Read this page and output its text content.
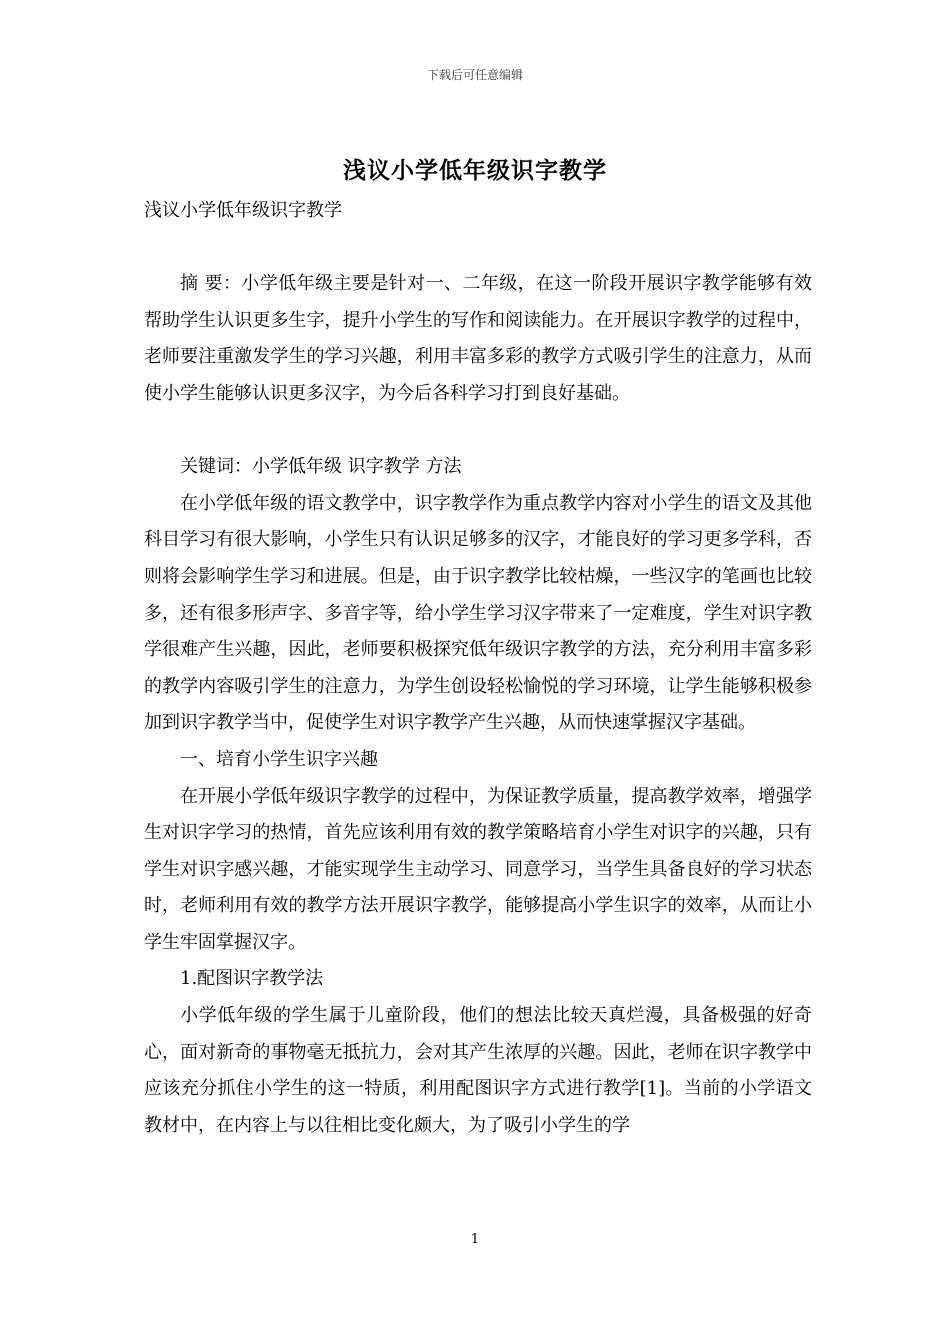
下载后可任意编辑
浅议小学低年级识字教学

浅议小学低年级识字教学

摘 要：小学低年级主要是针对一、二年级，在这一阶段开展识字教学能够有效帮助学生认识更多生字，提升小学生的写作和阅读能力。在开展识字教学的过程中，老师要注重激发学生的学习兴趣，利用丰富多彩的教学方式吸引学生的注意力，从而使小学生能够认识更多汉字，为今后各科学习打到良好基础。

关键词：小学低年级 识字教学 方法

在小学低年级的语文教学中，识字教学作为重点教学内容对小学生的语文及其他科目学习有很大影响，小学生只有认识足够多的汉字，才能良好的学习更多学科，否则将会影响学生学习和进展。但是，由于识字教学比较枯燥，一些汉字的笔画也比较多，还有很多形声字、多音字等，给小学生学习汉字带来了一定难度，学生对识字教学很难产生兴趣，因此，老师要积极探究低年级识字教学的方法，充分利用丰富多彩的教学内容吸引学生的注意力，为学生创设轻松愉悦的学习环境，让学生能够积极参加到识字教学当中，促使学生对识字教学产生兴趣，从而快速掌握汉字基础。

一、培育小学生识字兴趣

在开展小学低年级识字教学的过程中，为保证教学质量，提高教学效率，增强学生对识字学习的热情，首先应该利用有效的教学策略培育小学生对识字的兴趣，只有学生对识字感兴趣，才能实现学生主动学习、同意学习，当学生具备良好的学习状态时，老师利用有效的教学方法开展识字教学，能够提高小学生识字的效率，从而让小学生牢固掌握汉字。

1.配图识字教学法

小学低年级的学生属于儿童阶段，他们的想法比较天真烂漫，具备极强的好奇心，面对新奇的事物毫无抵抗力，会对其产生浓厚的兴趣。因此，老师在识字教学中应该充分抓住小学生的这一特质，利用配图识字方式进行教学[1]。当前的小学语文教材中，在内容上与以往相比变化颇大，为了吸引小学生的学

1
